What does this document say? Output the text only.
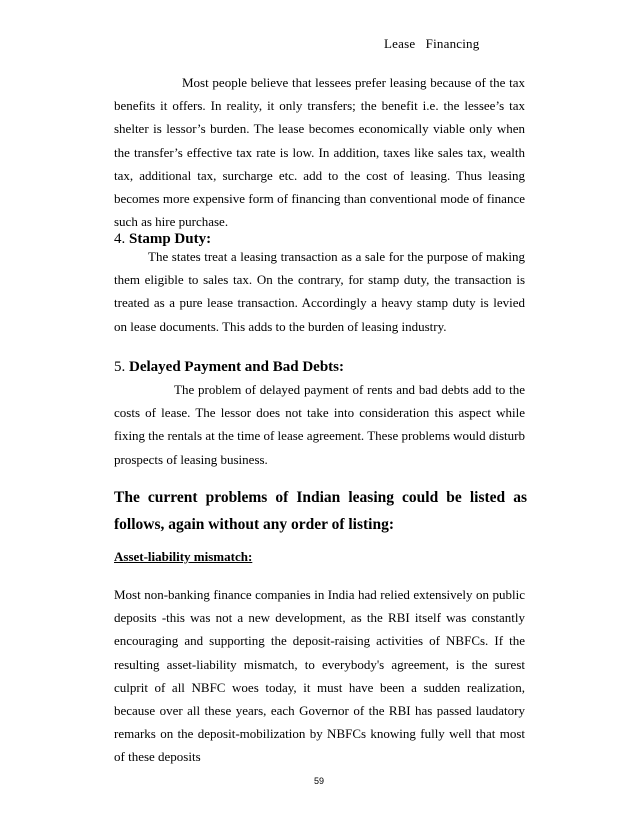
Lease   Financing

Most people believe that lessees prefer leasing because of the tax benefits it offers. In reality, it only transfers; the benefit i.e. the lessee’s tax shelter is lessor’s burden. The lease becomes economically viable only when the transfer’s effective tax rate is low. In addition, taxes like sales tax, wealth tax, additional tax, surcharge etc. add to the cost of leasing. Thus leasing becomes more expensive form of financing than conventional mode of finance such as hire purchase.

4. Stamp Duty:

The states treat a leasing transaction as a sale for the purpose of making them eligible to sales tax. On the contrary, for stamp duty, the transaction is treated as a pure lease transaction. Accordingly a heavy stamp duty is levied on lease documents. This adds to the burden of leasing industry.

5. Delayed Payment and Bad Debts:

The problem of delayed payment of rents and bad debts add to the costs of lease. The lessor does not take into consideration this aspect while fixing the rentals at the time of lease agreement. These problems would disturb prospects of leasing business.

The current problems of Indian leasing could be listed as follows, again without any order of listing:
Asset-liability mismatch:

Most non-banking finance companies in India had relied extensively on public deposits -this was not a new development, as the RBI itself was constantly encouraging and supporting the deposit-raising activities of NBFCs. If the resulting asset-liability mismatch, to everybody's agreement, is the surest culprit of all NBFC woes today, it must have been a sudden realization, because over all these years, each Governor of the RBI has passed laudatory remarks on the deposit-mobilization by NBFCs knowing fully well that most of these deposits

59
